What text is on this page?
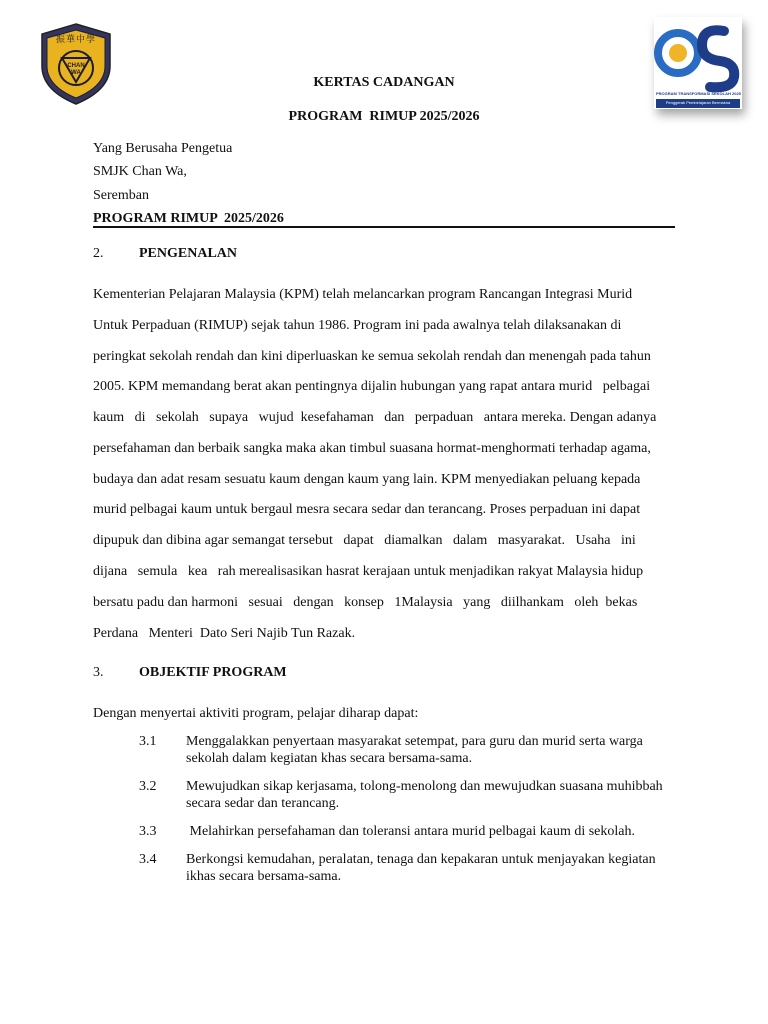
振華中學
CHAN WA	25
PROGRAM TRANSFORMASI SEKOLAH 2025
Penggerak Pembelajaran Bermakna
KERTAS CADANGAN
PROGRAM  RIMUP 2025/2026
Yang Berusaha Pengetua
SMJK Chan Wa,
Seremban
PROGRAM RIMUP  2025/2026
2.	PENGENALAN
Kementerian Pelajaran Malaysia (KPM) telah melancarkan program Rancangan Integrasi Murid
Untuk Perpaduan (RIMUP) sejak tahun 1986. Program ini pada awalnya telah dilaksanakan di
peringkat sekolah rendah dan kini diperluaskan ke semua sekolah rendah dan menengah pada tahun
2005. KPM memandang berat akan pentingnya dijalin hubungan yang rapat antara murid   pelbagai
kaum   di   sekolah   supaya   wujud  kesefahaman   dan   perpaduan   antara mereka. Dengan adanya
persefahaman dan berbaik sangka maka akan timbul suasana hormat-menghormati terhadap agama,
budaya dan adat resam sesuatu kaum dengan kaum yang lain. KPM menyediakan peluang kepada
murid pelbagai kaum untuk bergaul mesra secara sedar dan terancang. Proses perpaduan ini dapat
dipupuk dan dibina agar semangat tersebut   dapat   diamalkan   dalam   masyarakat.   Usaha   ini
dijana   semula   kea   rah merealisasikan hasrat kerajaan untuk menjadikan rakyat Malaysia hidup
bersatu padu dan harmoni   sesuai   dengan   konsep   1Malaysia   yang   diilhankam   oleh  bekas
Perdana   Menteri  Dato Seri Najib Tun Razak.
3.	OBJEKTIF PROGRAM
Dengan menyertai aktiviti program, pelajar diharap dapat:
3.1 Menggalakkan penyertaan masyarakat setempat, para guru dan murid serta warga sekolah dalam kegiatan khas secara bersama-sama.
3.2 Mewujudkan sikap kerjasama, tolong-menolong dan mewujudkan suasana muhibbah secara sedar dan terancang.
3.3 Melahirkan persefahaman dan toleransi antara murid pelbagai kaum di sekolah.
3.4 Berkongsi kemudahan, peralatan, tenaga dan kepakaran untuk menjayakan kegiatan ikhas secara bersama-sama.
